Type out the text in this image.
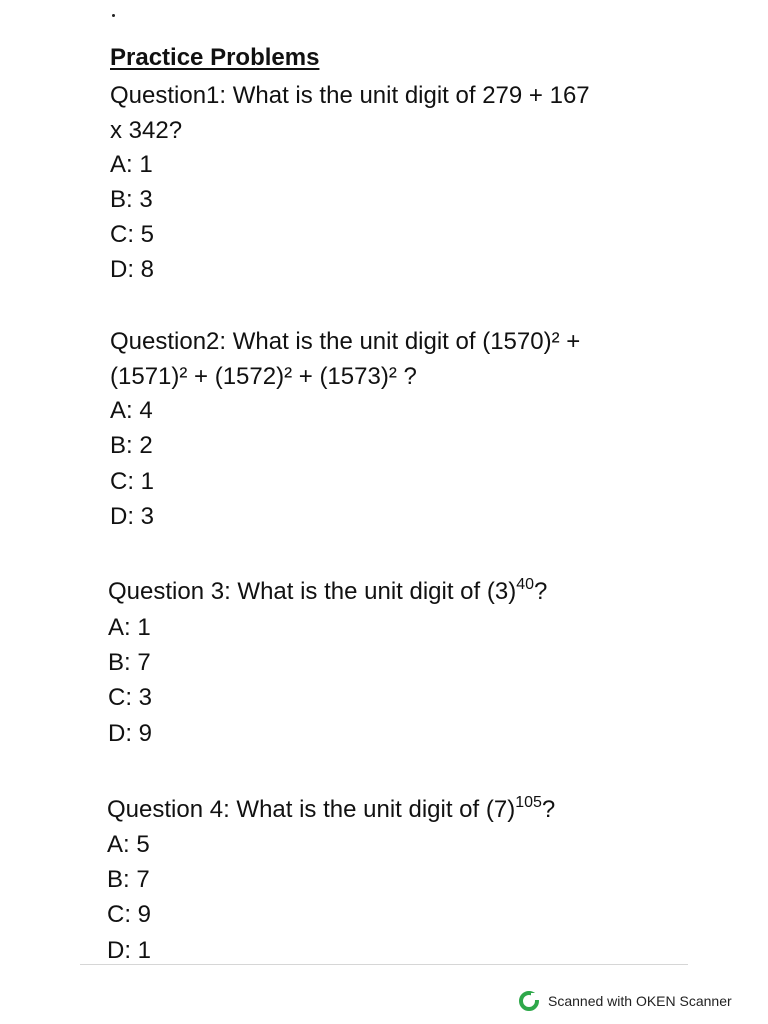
Practice Problems

Question1: What is the unit digit of 279 + 167

x 342?

A: 1

B: 3

C: 5

D: 8

Question2: What is the unit digit of (1570)² +

(1571)² + (1572)² + (1573)² ?

A: 4

B: 2

C: 1

D: 3

Question 3: What is the unit digit of $(3)^{40}$?

A: 1

B: 7

C: 3

D: 9

Question 4: What is the unit digit of $(7)^{105}$?

A: 5

B: 7

C: 9

D: 1

Scanned with OKEN Scanner
